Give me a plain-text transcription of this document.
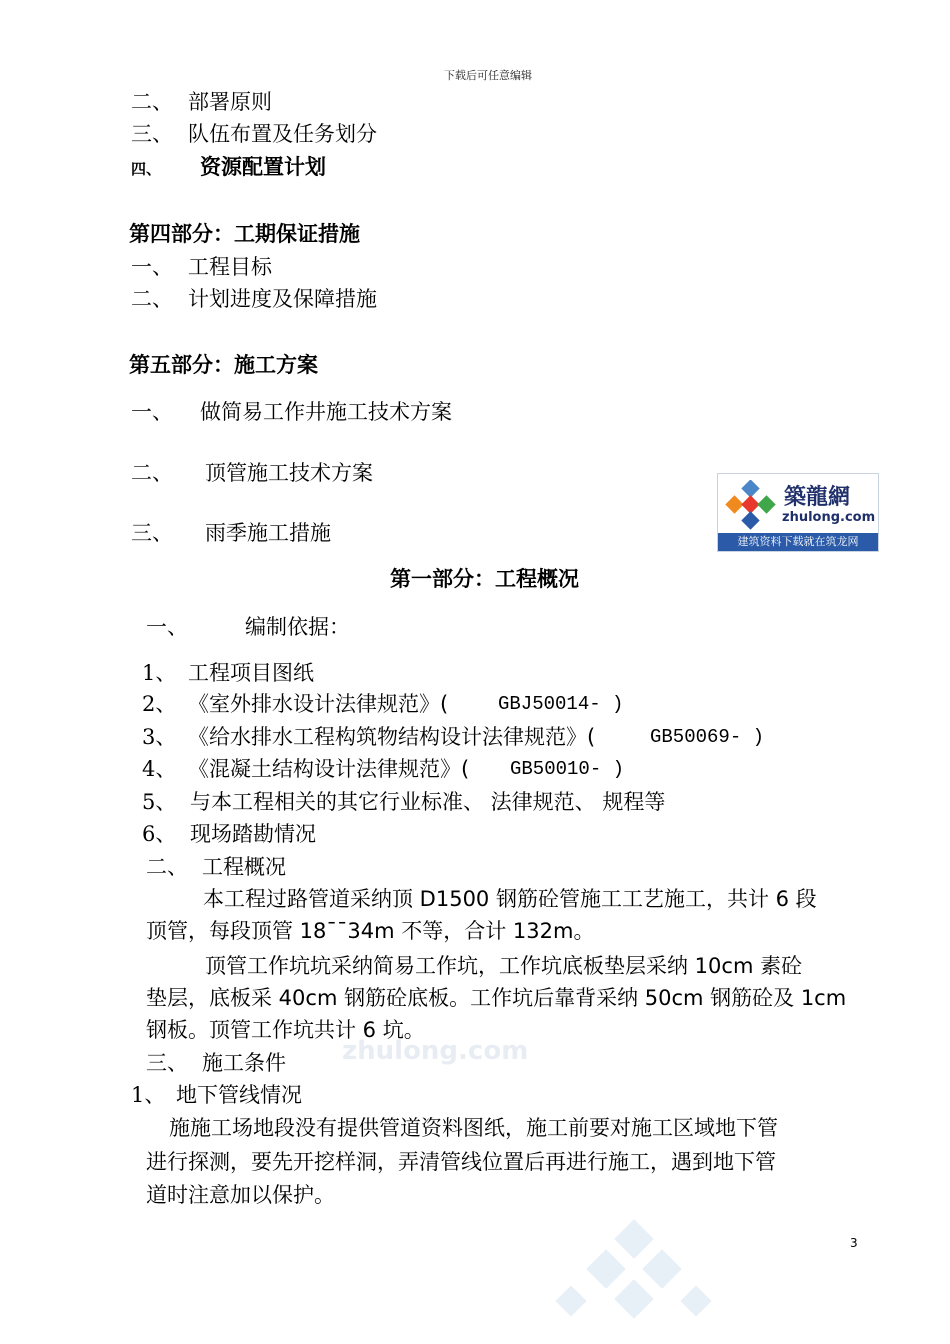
下载后可任意编辑
二、 部署原则
三、 队伍布置及任务划分
四、 资源配置计划
第四部分：工期保证措施
一、 工程目标
二、 计划进度及保障措施
第五部分：施工方案
一、 做简易工作井施工技术方案
二、 顶管施工技术方案
三、 雨季施工措施
築龍網
zhulong.com
建筑资料下载就在筑龙网
第一部分：工程概况
一、	编制依据：
1、 工程项目图纸
2、 《室外排水设计法律规范》(	GBJ50014- )
3、 《给水排水工程构筑物结构设计法律规范》(	GB50069- )
4、 《混凝土结构设计法律规范》( GB50010- )
5、 与本工程相关的其它行业标准、 法律规范、 规程等
6、 现场踏勘情况
二、 工程概况
本工程过路管道采纳顶 D1500 钢筋砼管施工工艺施工，共计 6 段
顶管，每段顶管 18¯¯34m 不等，合计 132m。
顶管工作坑坑采纳简易工作坑，工作坑底板垫层采纳 10cm 素砼
垫层，底板采 40cm 钢筋砼底板。工作坑后靠背采纳 50cm 钢筋砼及 1cm
钢板。顶管工作坑共计 6 坑。
三、 施工条件
1、 地下管线情况
施施工场地段没有提供管道资料图纸，施工前要对施工区域地下管
进行探测，要先开挖样洞，弄清管线位置后再进行施工，遇到地下管
道时注意加以保护。
zhulong.com
3
